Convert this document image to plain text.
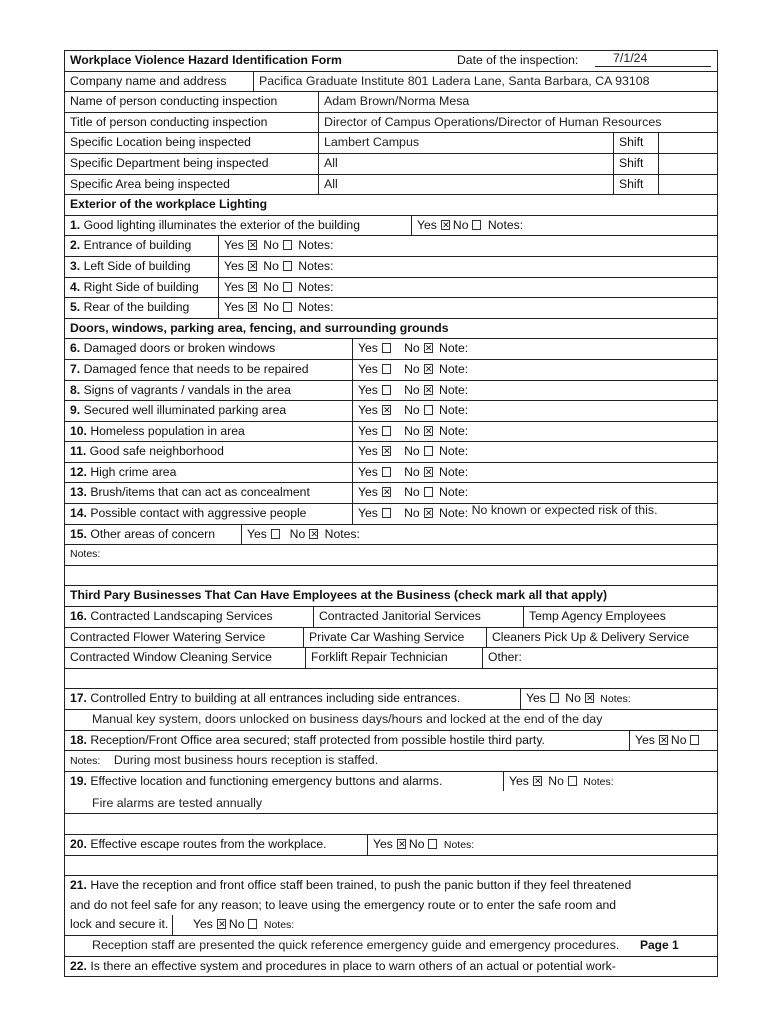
Workplace Violence Hazard Identification Form	Date of the inspection:	7/1/24
Company name and address	Pacifica Graduate Institute 801 Ladera Lane, Santa Barbara, CA 93108
Name of person conducting inspection	Adam Brown/Norma Mesa
Title of person conducting inspection	Director of Campus Operations/Director of Human Resources
Specific Location being inspected	Lambert Campus	Shift
Specific Department being inspected	All	Shift
Specific Area being inspected	All	Shift
Exterior of the workplace Lighting
1. Good lighting illuminates the exterior of the building	Yes ✕ No Notes:
2. Entrance of building	Yes ✕ No Notes:
3. Left Side of building	Yes ✕ No Notes:
4. Right Side of building	Yes ✕ No Notes:
5. Rear of the building	Yes ✕ No Notes:
Doors, windows, parking area, fencing, and surrounding grounds
6. Damaged doors or broken windows	Yes No ✕ Note:
7. Damaged fence that needs to be repaired	Yes No ✕ Note:
8. Signs of vagrants / vandals in the area	Yes No ✕ Note:
9. Secured well illuminated parking area	Yes ✕ No Note:
10. Homeless population in area	Yes No ✕ Note:
11. Good safe neighborhood	Yes ✕ No Note:
12. High crime area	Yes No ✕ Note:
13. Brush/items that can act as concealment	Yes ✕ No Note:
14. Possible contact with aggressive people	Yes No ✕ Note: No known or expected risk of this.
15. Other areas of concern	Yes No ✕ Notes:
Notes:
Third Pary Businesses That Can Have Employees at the Business (check mark all that apply)
16. Contracted Landscaping Services	Contracted Janitorial Services	Temp Agency Employees
Contracted Flower Watering Service	Private Car Washing Service	Cleaners Pick Up & Delivery Service
Contracted Window Cleaning Service	Forklift Repair Technician	Other:
17. Controlled Entry to building at all entrances including side entrances.	Yes No ✕ Notes:
Manual key system, doors unlocked on business days/hours and locked at the end of the day
18. Reception/Front Office area secured; staff protected from possible hostile third party.	Yes ✕ No
Notes: During most business hours reception is staffed.
19. Effective location and functioning emergency buttons and alarms.	Yes ✕ No Notes:
Fire alarms are tested annually
20. Effective escape routes from the workplace.	Yes ✕ No Notes:
21. Have the reception and front office staff been trained, to push the panic button if they feel threatened
and do not feel safe for any reason; to leave using the emergency route or to enter the safe room and
lock and secure it.	Yes ✕ No Notes:
Reception staff are presented the quick reference emergency guide and emergency procedures.
22. Is there an effective system and procedures in place to warn others of an actual or potential work-
Page 1
